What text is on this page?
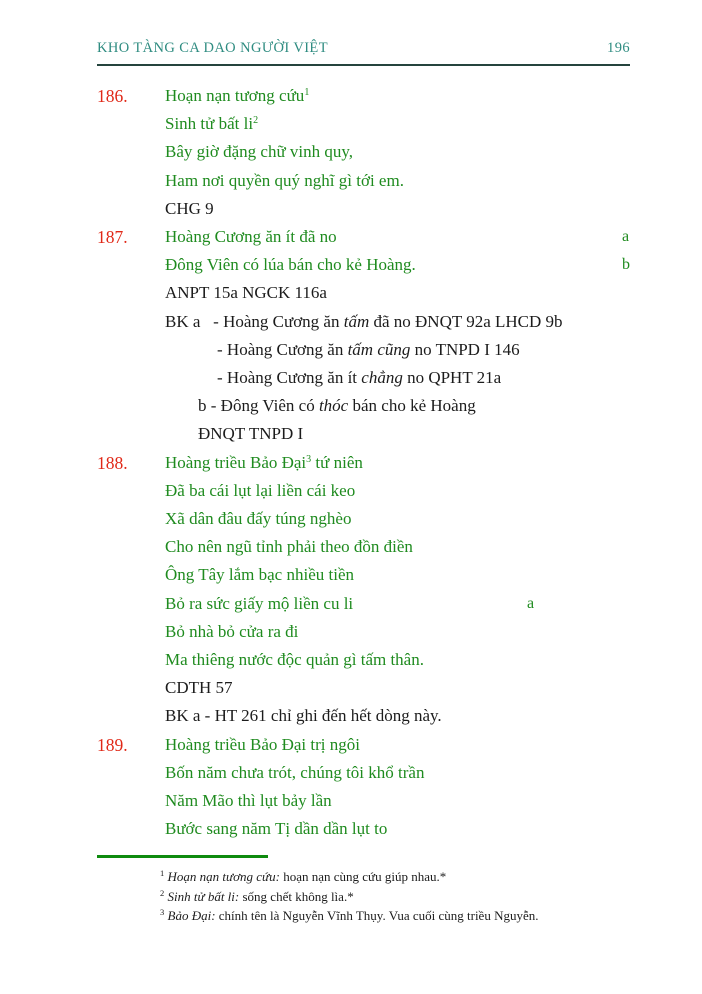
KHO TÀNG CA DAO NGƯỜI VIỆT	196
186. Hoạn nạn tương cứu$^1$
Sinh tử bất $li^2$
Bây giờ đặng chữ vinh quy,
Ham nơi quyền quý nghĩ gì tới em.
CHG 9
187. Hoàng Cương ăn ít đã no	a
Đông Viên có lúa bán cho kẻ Hoàng.	b
ANPT 15a NGCK 116a
BK a   - Hoàng Cương ăn tấm đã no ĐNQT 92a LHCD 9b
- Hoàng Cương ăn tấm cũng no TNPD I 146
- Hoàng Cương ăn ít chẳng no QPHT 21a
b - Đông Viên có thóc bán cho kẻ Hoàng
ĐNQT TNPD I
188. Hoàng triều Bảo Đại$^3$ tứ niên
Đã ba cái lụt lại liền cái keo
Xã dân đâu đấy túng nghèo
Cho nên ngũ tỉnh phải theo đồn điền
Ông Tây lắm bạc nhiều tiền
Bỏ ra sức giấy mộ liền cu li	a
Bỏ nhà bỏ cửa ra đi
Ma thiêng nước độc quản gì tấm thân.
CDTH 57
BK a - HT 261 chỉ ghi đến hết dòng này.
189. Hoàng triều Bảo Đại trị ngôi
Bốn năm chưa trót, chúng tôi khổ trần
Năm Mão thì lụt bảy lần
Bước sang năm Tị dần dần lụt to
$^1$ Hoạn nạn tương cứu: hoạn nạn cùng cứu giúp nhau.*
$^2$ Sinh tử bất li: sống chết không lìa.*
$^3$ Bảo Đại: chính tên là Nguyễn Vĩnh Thụy. Vua cuối cùng triều Nguyễn.
